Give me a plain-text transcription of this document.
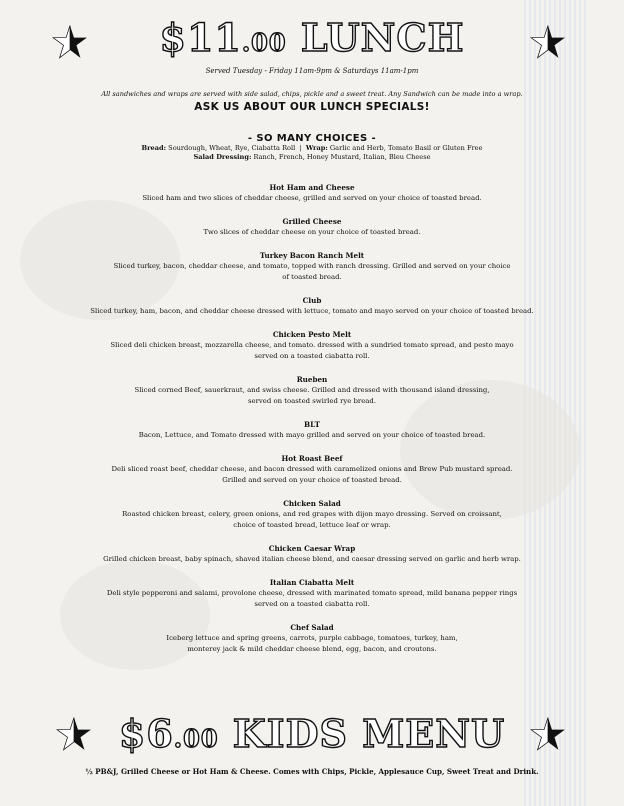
$11.00 LUNCH
Served Tuesday - Friday 11am-9pm & Saturdays 11am-1pm
All sandwiches and wraps are served with side salad, chips, pickle and a sweet treat. Any Sandwich can be made into a wrap.
ASK US ABOUT OUR LUNCH SPECIALS!
- SO MANY CHOICES -
Bread: Sourdough, Wheat, Rye, Ciabatta Roll | Wrap: Garlic and Herb, Tomato Basil or Gluten Free
Salad Dressing: Ranch, French, Honey Mustard, Italian, Bleu Cheese
Hot Ham and Cheese
Sliced ham and two slices of cheddar cheese, grilled and served on your choice of toasted bread.
Grilled Cheese
Two slices of cheddar cheese on your choice of toasted bread.
Turkey Bacon Ranch Melt
Sliced turkey, bacon, cheddar cheese, and tomato, topped with ranch dressing. Grilled and served on your choice
of toasted bread.
Club
Sliced turkey, ham, bacon, and cheddar cheese dressed with lettuce, tomato and mayo served on your choice of toasted bread.
Chicken Pesto Melt
Sliced deli chicken breast, mozzarella cheese, and tomato. dressed with a sundried tomato spread, and pesto mayo
served on a toasted ciabatta roll.
Rueben
Sliced corned Beef, sauerkraut, and swiss cheese. Grilled and dressed with thousand island dressing,
served on toasted swirled rye bread.
BLT
Bacon, Lettuce, and Tomato dressed with mayo grilled and served on your choice of toasted bread.
Hot Roast Beef
Deli sliced roast beef, cheddar cheese, and bacon dressed with caramelized onions and Brew Pub mustard spread.
Grilled and served on your choice of toasted bread.
Chicken Salad
Roasted chicken breast, celery, green onions, and red grapes with dijon mayo dressing. Served on croissant,
choice of toasted bread, lettuce leaf or wrap.
Chicken Caesar Wrap
Grilled chicken breast, baby spinach, shaved italian cheese blend, and caesar dressing served on garlic and herb wrap.
Italian Ciabatta Melt
Deli style pepperoni and salami, provolone cheese, dressed with marinated tomato spread, mild banana pepper rings
served on a toasted ciabatta roll.
Chef Salad
Iceberg lettuce and spring greens, carrots, purple cabbage, tomatoes, turkey, ham,
monterey jack & mild cheddar cheese blend, egg, bacon, and croutons.
$6.00 KIDS MENU
½ PB&J, Grilled Cheese or Hot Ham & Cheese. Comes with Chips, Pickle, Applesauce Cup, Sweet Treat and Drink.
